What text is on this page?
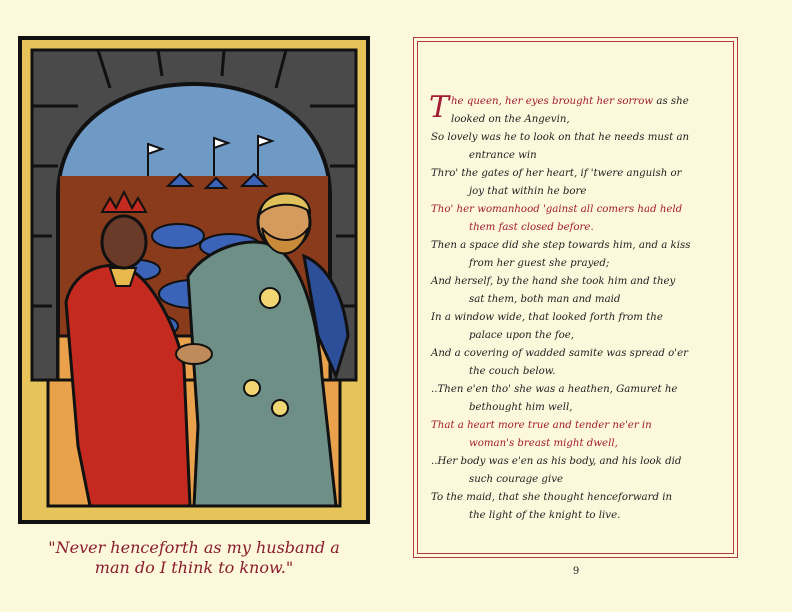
"Never henceforth as my husband a
man do I think to know."

T he queen, her eyes brought her sorrow as she
looked on the Angevin,
So lovely was he to look on that he needs must an
entrance win
Thro' the gates of her heart, if 'twere anguish or
joy that within he bore
Tho' her womanhood 'gainst all comers had held
them fast closed before.
Then a space did she step towards him, and a kiss
from her guest she prayed;
And herself, by the hand she took him and they
sat them, both man and maid
In a window wide, that looked forth from the
palace upon the foe,
And a covering of wadded samite was spread o'er
the couch below.
..Then e'en tho' she was a heathen, Gamuret he
bethought him well,
That a heart more true and tender ne'er in
woman's breast might dwell,
..Her body was e'en as his body, and his look did
such courage give
To the maid, that she thought henceforward in
the light of the knight to live.
9
